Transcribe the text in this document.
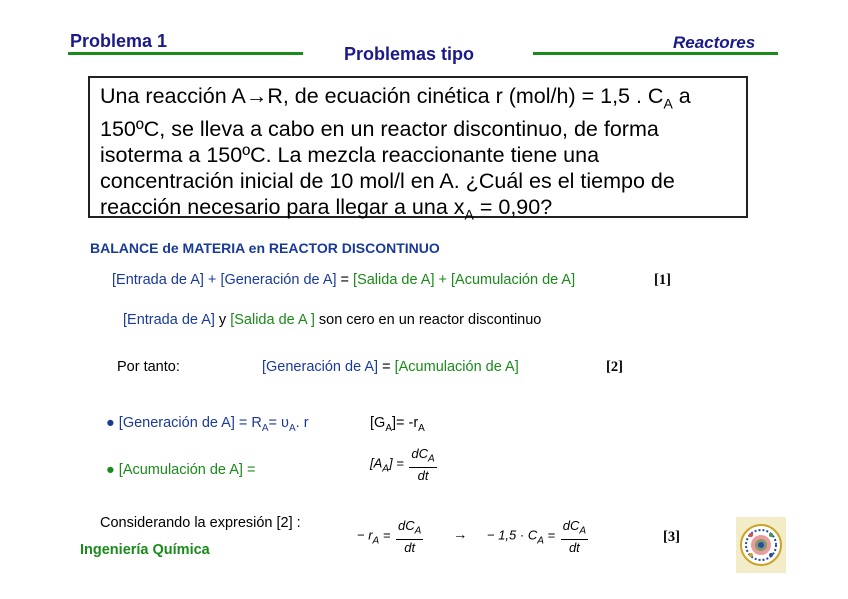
Problema 1
Problemas tipo
Reactores
Una reacción A→R, de ecuación cinética r (mol/h) = 1,5 . $C_A$ a
150ºC, se lleva a cabo en un reactor discontinuo, de forma
isoterma a 150ºC. La mezcla reaccionante tiene una
concentración inicial de 10 mol/l en A. ¿Cuál es el tiempo de
reacción necesario para llegar a una $x_A = 0,90$?
BALANCE de MATERIA en REACTOR DISCONTINUO
[Entrada de A] + [Generación de A] = [Salida de A] + [Acumulación de A]	[1]
[Entrada de A] y [Salida de A ] son cero en un reactor discontinuo
Por tanto:	[Generación de A] = [Acumulación de A]	[2]
● [Generación de $A] = R_A= \upsilon_A$. r	$[G_A]= -r_A$
● [Acumulación de A] =	$[A_A] = \frac{dC_A}{dt}$
Considerando la expresión [2] :
− $r_A = \frac{dC_A}{dt}$ → − $1,5 \cdot C_A = \frac{dC_A}{dt}$	[3]
Ingeniería Química
